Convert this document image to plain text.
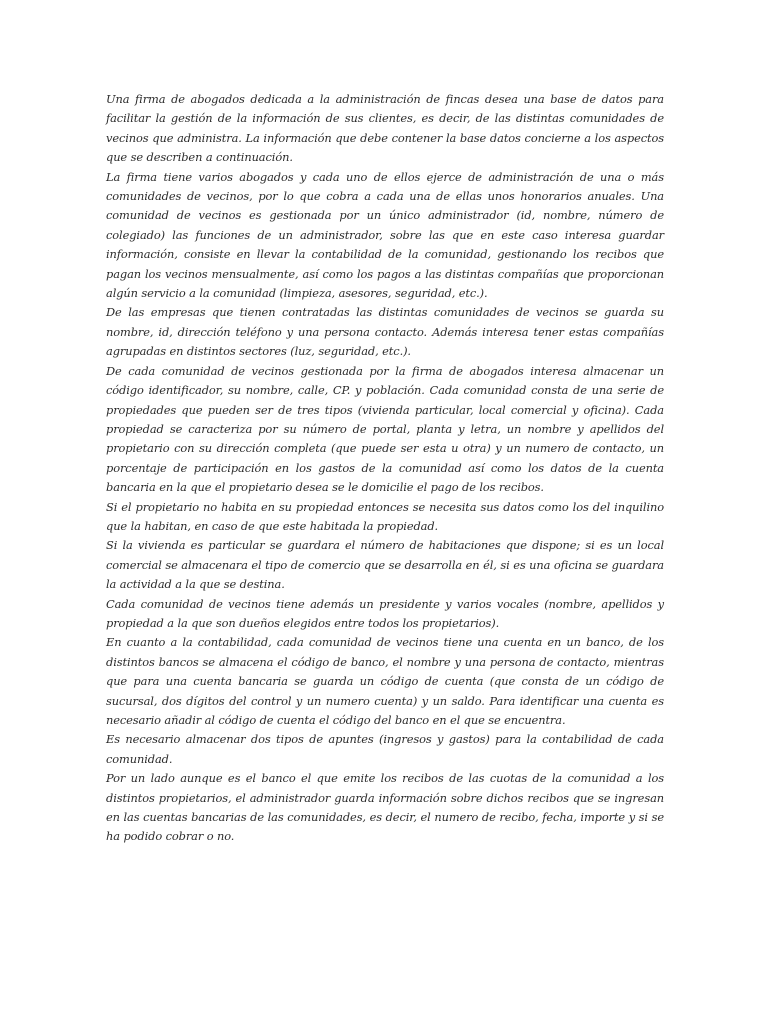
Una firma de abogados dedicada a la administración de fincas desea una base de datos para facilitar la gestión de la información de sus clientes, es decir, de las distintas comunidades de vecinos que administra. La información que debe contener la base datos concierne a los aspectos que se describen a continuación.

La firma tiene varios abogados y cada uno de ellos ejerce de administración de una o más comunidades de vecinos, por lo que cobra a cada una de ellas unos honorarios anuales. Una comunidad de vecinos es gestionada por un único administrador (id, nombre, número de colegiado) las funciones de un administrador, sobre las que en este caso interesa guardar información, consiste en llevar la contabilidad de la comunidad, gestionando los recibos que pagan los vecinos mensualmente, así como los pagos a las distintas compañías que proporcionan algún servicio a la comunidad (limpieza, asesores, seguridad, etc.).

De las empresas que tienen contratadas las distintas comunidades de vecinos se guarda su nombre, id, dirección teléfono y una persona contacto. Además interesa tener estas compañías agrupadas en distintos sectores (luz, seguridad, etc.).

De cada comunidad de vecinos gestionada por la firma de abogados interesa almacenar un código identificador, su nombre, calle, CP. y población. Cada comunidad consta de una serie de propiedades que pueden ser de tres tipos (vivienda particular, local comercial y oficina). Cada propiedad se caracteriza por su número de portal, planta y letra, un nombre y apellidos del propietario con su dirección completa (que puede ser esta u otra) y un numero de contacto, un porcentaje de participación en los gastos de la comunidad así como los datos de la cuenta bancaria en la que el propietario desea se le domicilie el pago de los recibos.

Si el propietario no habita en su propiedad entonces se necesita sus datos como los del inquilino que la habitan, en caso de que este habitada la propiedad.

Si la vivienda es particular se guardara el número de habitaciones que dispone; si es un local comercial se almacenara el tipo de comercio que se desarrolla en él, si es una oficina se guardara la actividad a la que se destina.

Cada comunidad de vecinos tiene además un presidente y varios vocales (nombre, apellidos y propiedad a la que son dueños elegidos entre todos los propietarios).

En cuanto a la contabilidad, cada comunidad de vecinos tiene una cuenta en un banco, de los distintos bancos se almacena el código de banco, el nombre y una persona de contacto, mientras que para una cuenta bancaria se guarda un código de cuenta (que consta de un código de sucursal, dos dígitos del control y un numero cuenta) y un saldo. Para identificar una cuenta es necesario añadir al código de cuenta el código del banco en el que se encuentra.

Es necesario almacenar dos tipos de apuntes (ingresos y gastos) para la contabilidad de cada comunidad.

Por un lado aunque es el banco el que emite los recibos de las cuotas de la comunidad a los distintos propietarios, el administrador guarda información sobre dichos recibos que se ingresan en las cuentas bancarias de las comunidades, es decir, el numero de recibo, fecha, importe y si se ha podido cobrar o no.
